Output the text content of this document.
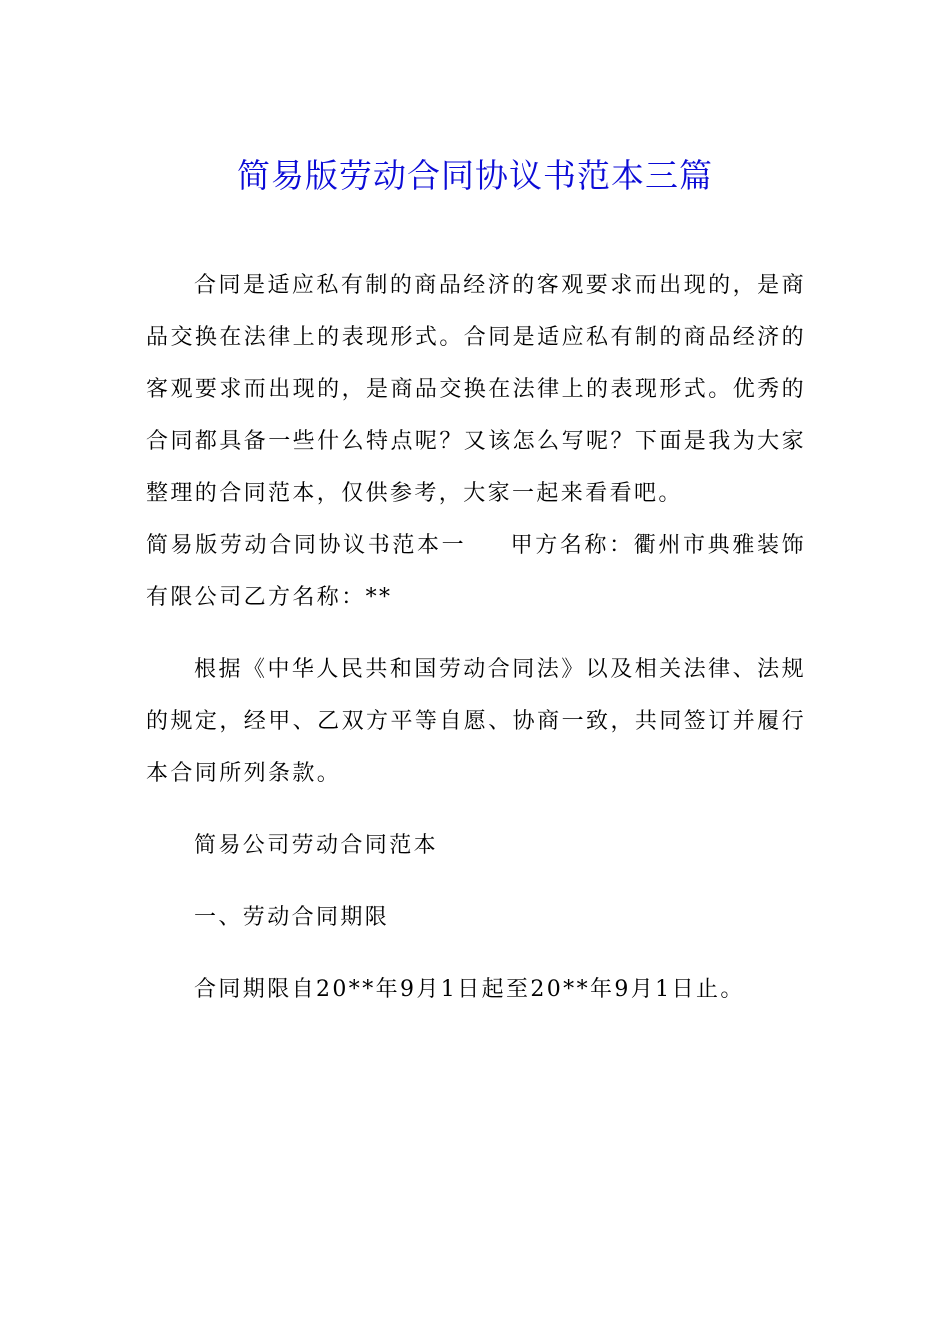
简易版劳动合同协议书范本三篇

合同是适应私有制的商品经济的客观要求而出现的，是商品交换在法律上的表现形式。合同是适应私有制的商品经济的客观要求而出现的，是商品交换在法律上的表现形式。优秀的合同都具备一些什么特点呢？又该怎么写呢？下面是我为大家整理的合同范本，仅供参考，大家一起来看看吧。

简易版劳动合同协议书范本一 甲方名称：衢州市典雅装饰有限公司乙方名称：**

根据《中华人民共和国劳动合同法》以及相关法律、法规的规定，经甲、乙双方平等自愿、协商一致，共同签订并履行本合同所列条款。

简易公司劳动合同范本

一、劳动合同期限

合同期限自20**年9月1日起至20**年9月1日止。
